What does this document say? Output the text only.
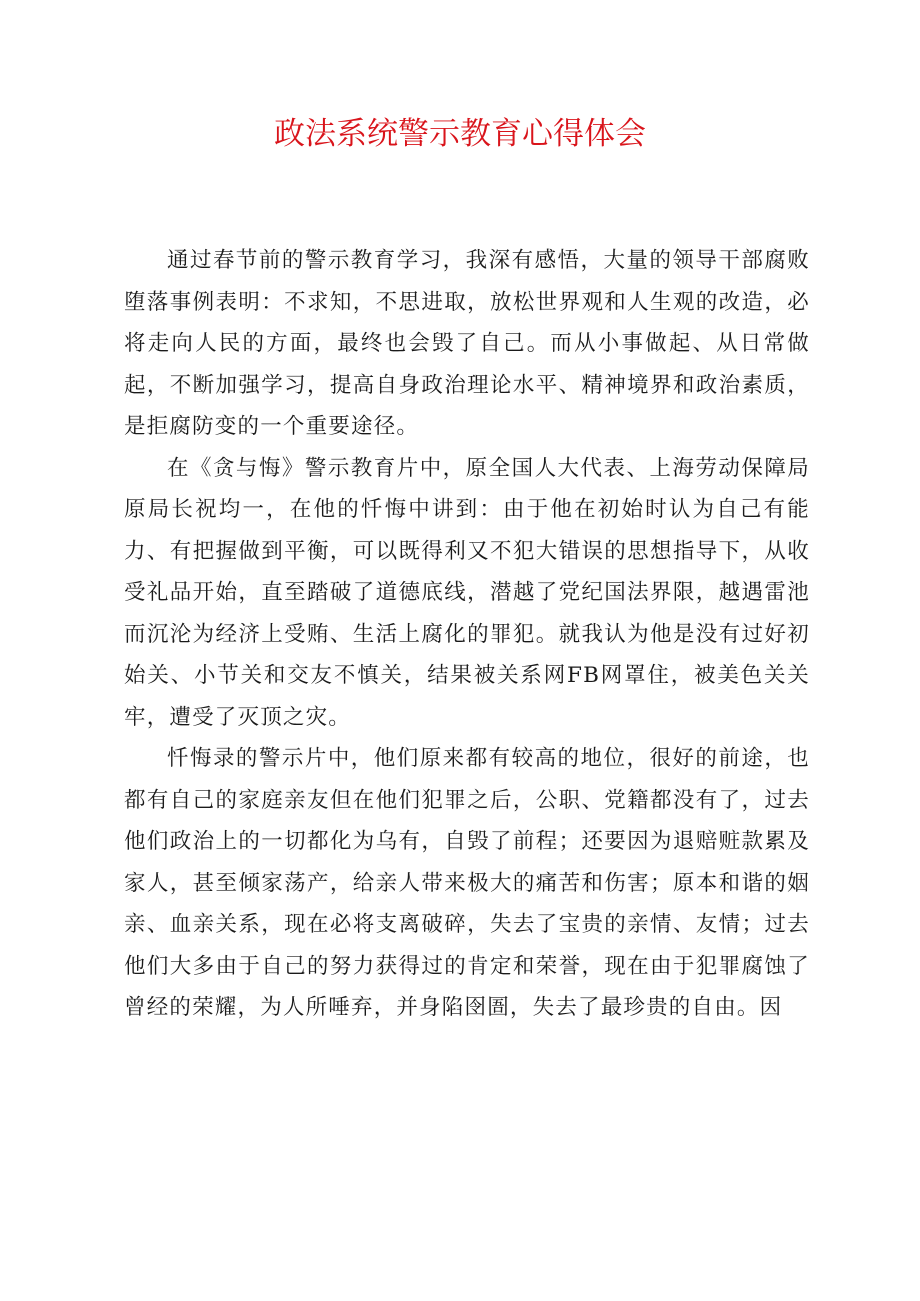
政法系统警示教育心得体会

通过春节前的警示教育学习，我深有感悟，大量的领导干部腐败堕落事例表明：不求知，不思进取，放松世界观和人生观的改造，必将走向人民的方面，最终也会毁了自己。而从小事做起、从日常做起，不断加强学习，提高自身政治理论水平、精神境界和政治素质，是拒腐防变的一个重要途径。

在《贪与悔》警示教育片中，原全国人大代表、上海劳动保障局原局长祝均一，在他的忏悔中讲到：由于他在初始时认为自己有能力、有把握做到平衡，可以既得利又不犯大错误的思想指导下，从收受礼品开始，直至踏破了道德底线，潜越了党纪国法界限，越遇雷池而沉沦为经济上受贿、生活上腐化的罪犯。就我认为他是没有过好初始关、小节关和交友不慎关，结果被关系网FB网罩住，被美色关关牢，遭受了灭顶之灾。

忏悔录的警示片中，他们原来都有较高的地位，很好的前途，也都有自己的家庭亲友但在他们犯罪之后，公职、党籍都没有了，过去他们政治上的一切都化为乌有，自毁了前程；还要因为退赔赃款累及家人，甚至倾家荡产，给亲人带来极大的痛苦和伤害；原本和谐的姻亲、血亲关系，现在必将支离破碎，失去了宝贵的亲情、友情；过去他们大多由于自己的努力获得过的肯定和荣誉，现在由于犯罪腐蚀了曾经的荣耀，为人所唾弃，并身陷囹圄，失去了最珍贵的自由。因
